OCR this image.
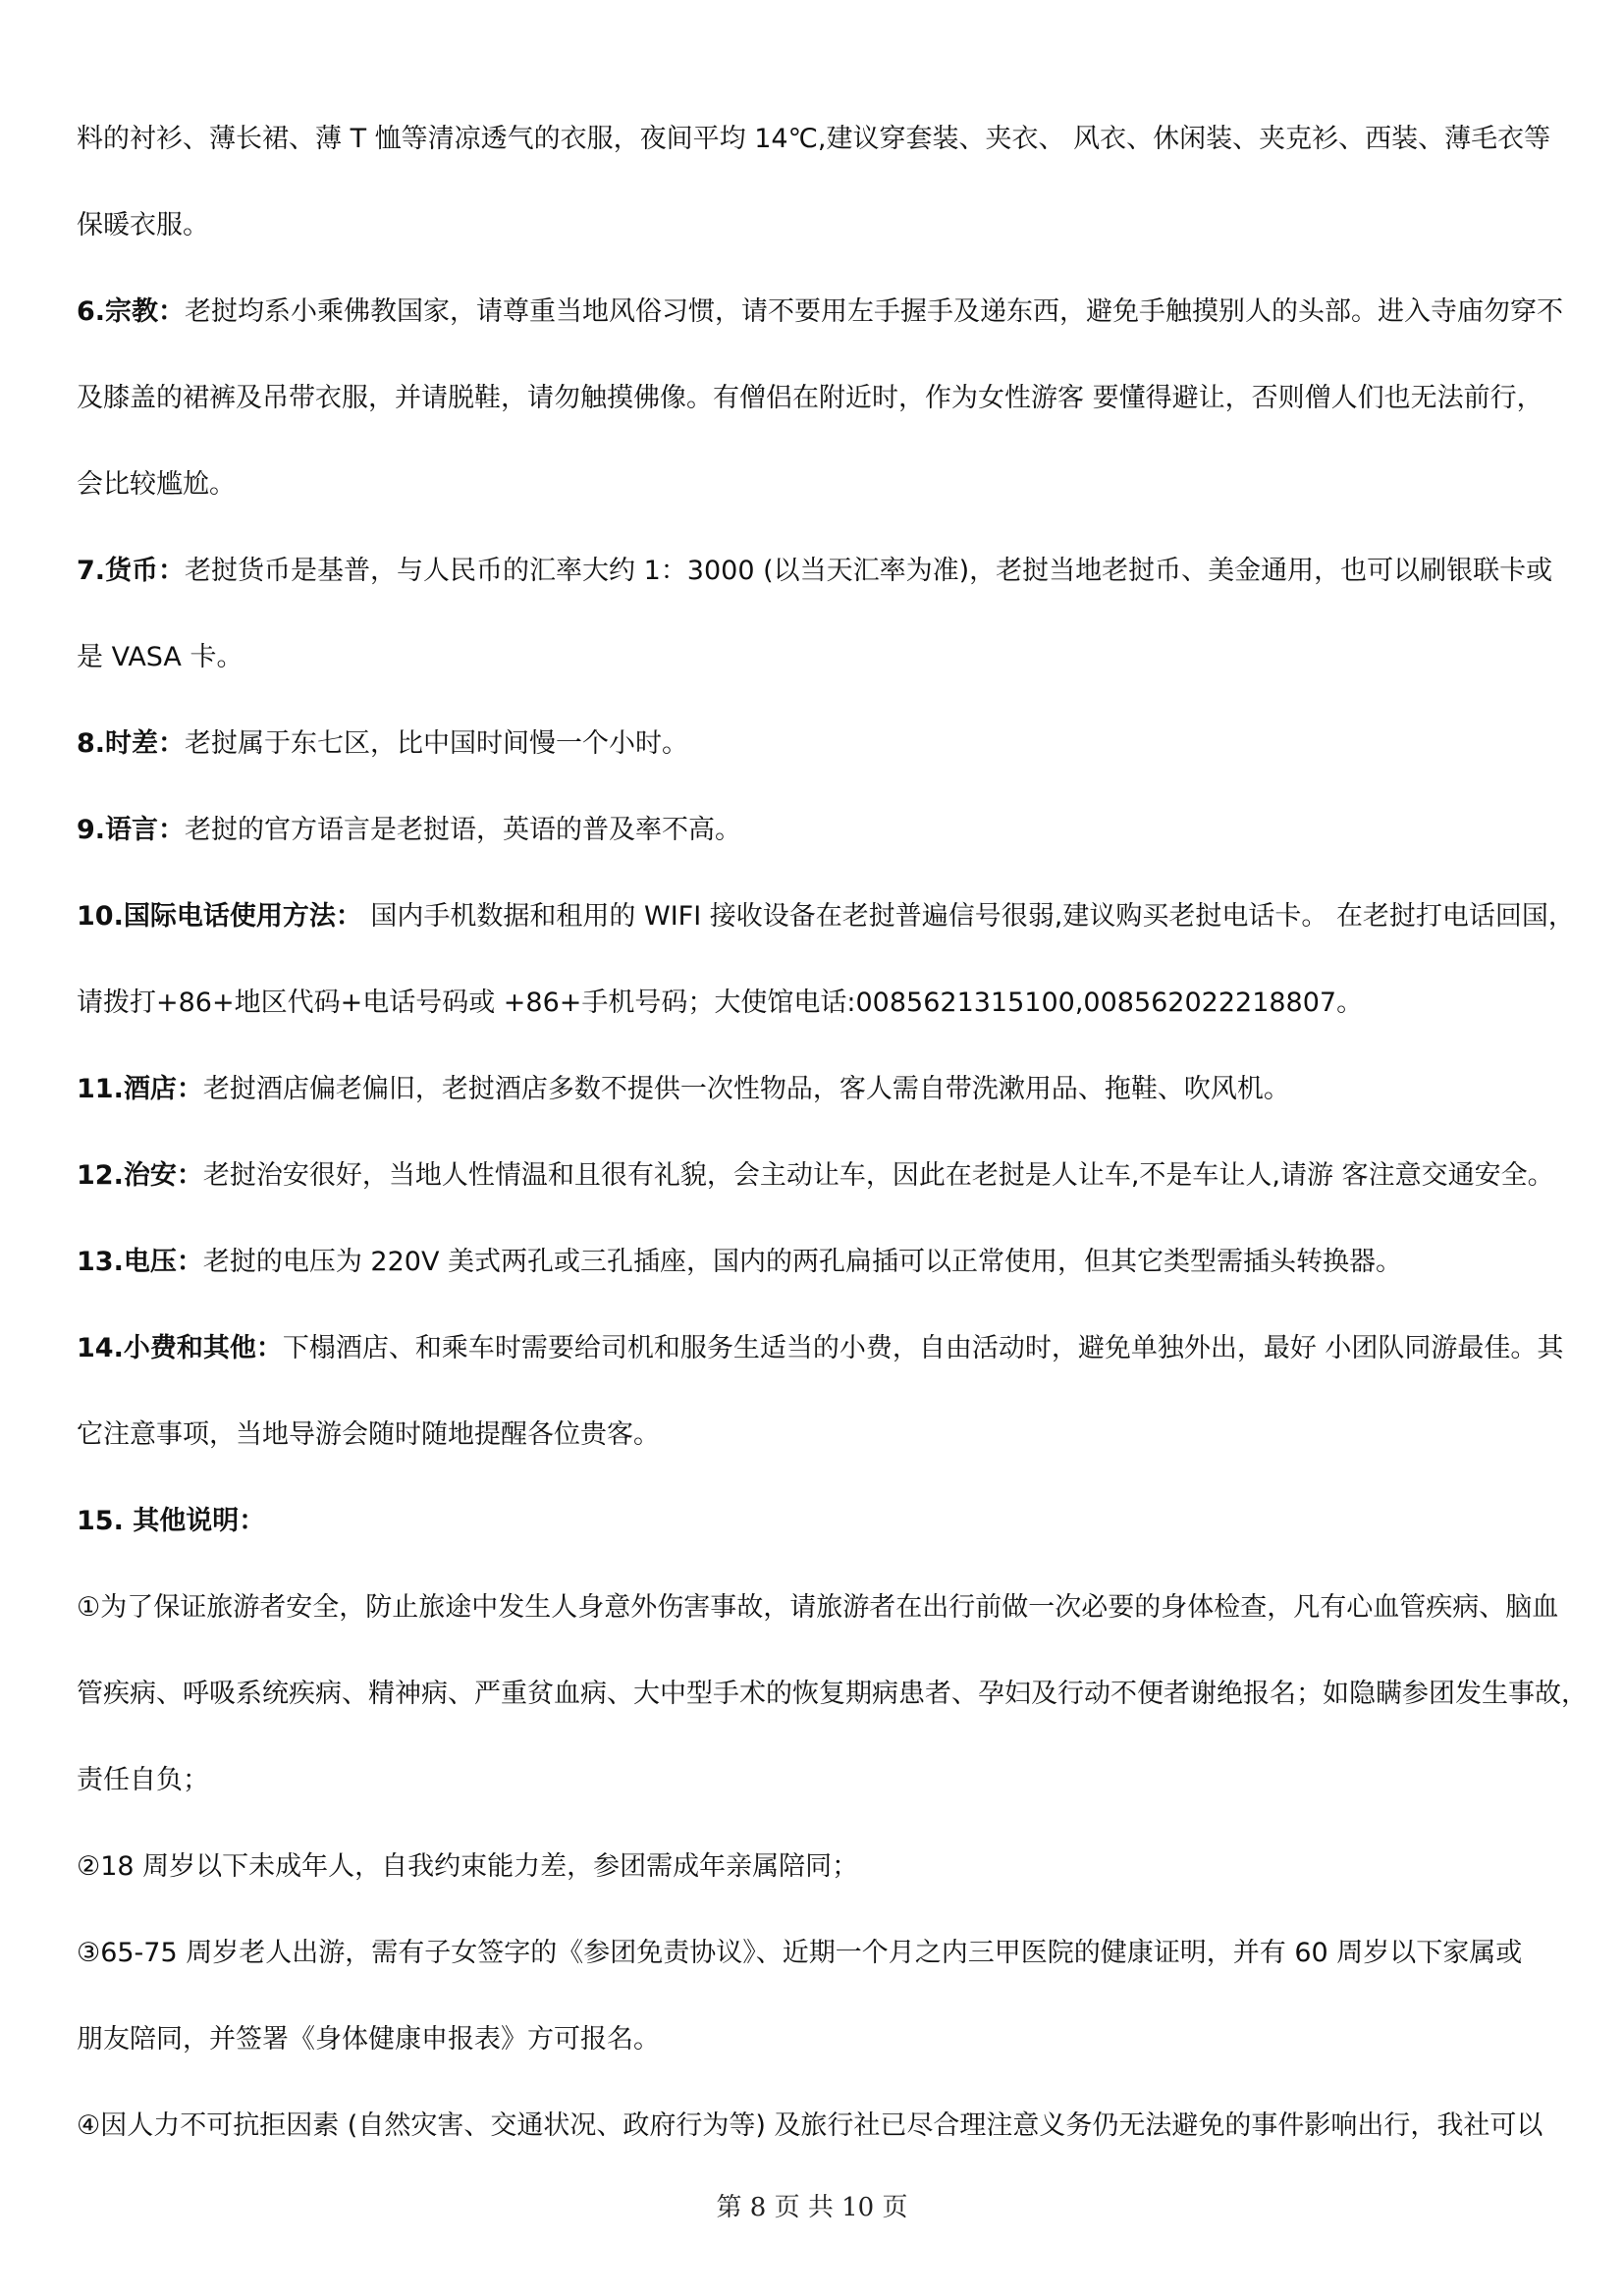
料的衬衫、薄长裙、薄 T 恤等清凉透气的衣服，夜间平均 14℃,建议穿套装、夹衣、 风衣、休闲装、夹克衫、西装、薄毛衣等
保暖衣服。
6.宗教：老挝均系小乘佛教国家，请尊重当地风俗习惯，请不要用左手握手及递东西，避免手触摸别人的头部。进入寺庙勿穿不
及膝盖的裙裤及吊带衣服，并请脱鞋，请勿触摸佛像。有僧侣在附近时，作为女性游客 要懂得避让，否则僧人们也无法前行，
会比较尴尬。
7.货币：老挝货币是基普，与人民币的汇率大约 1：3000 (以当天汇率为准)，老挝当地老挝币、美金通用，也可以刷银联卡或
是 VASA 卡。
8.时差：老挝属于东七区，比中国时间慢一个小时。
9.语言：老挝的官方语言是老挝语，英语的普及率不高。
10.国际电话使用方法： 国内手机数据和租用的 WIFI 接收设备在老挝普遍信号很弱,建议购买老挝电话卡。 在老挝打电话回国，
请拨打+86+地区代码+电话号码或 +86+手机号码；大使馆电话:0085621315100,008562022218807。
11.酒店：老挝酒店偏老偏旧，老挝酒店多数不提供一次性物品，客人需自带洗漱用品、拖鞋、吹风机。
12.治安：老挝治安很好，当地人性情温和且很有礼貌，会主动让车，因此在老挝是人让车,不是车让人,请游 客注意交通安全。
13.电压：老挝的电压为 220V 美式两孔或三孔插座，国内的两孔扁插可以正常使用，但其它类型需插头转换器。
14.小费和其他：下榻酒店、和乘车时需要给司机和服务生适当的小费，自由活动时，避免单独外出，最好 小团队同游最佳。其
它注意事项，当地导游会随时随地提醒各位贵客。
15. 其他说明：
①为了保证旅游者安全，防止旅途中发生人身意外伤害事故，请旅游者在出行前做一次必要的身体检查，凡有心血管疾病、脑血
管疾病、呼吸系统疾病、精神病、严重贫血病、大中型手术的恢复期病患者、孕妇及行动不便者谢绝报名；如隐瞒参团发生事故，
责任自负；
②18 周岁以下未成年人，自我约束能力差，参团需成年亲属陪同；
③65-75 周岁老人出游，需有子女签字的《参团免责协议》、近期一个月之内三甲医院的健康证明，并有 60 周岁以下家属或
朋友陪同，并签署《身体健康申报表》方可报名。
④因人力不可抗拒因素 (自然灾害、交通状况、政府行为等) 及旅行社已尽合理注意义务仍无法避免的事件影响出行，我社可以
第 8 页 共 10 页
